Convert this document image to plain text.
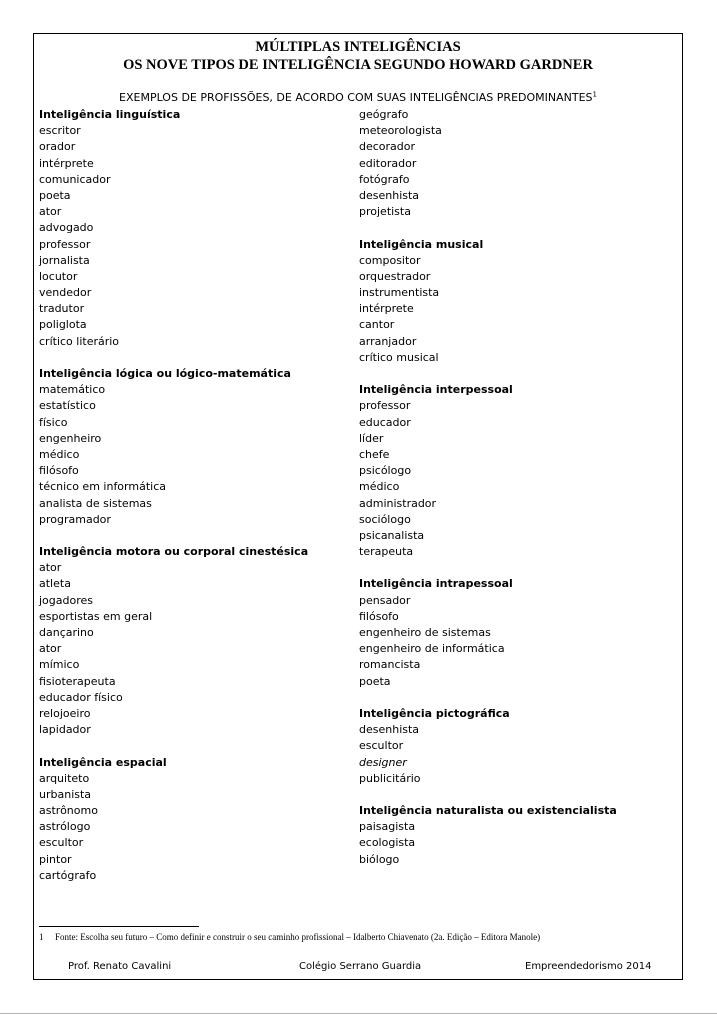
MÚLTIPLAS INTELIGÊNCIAS
OS NOVE TIPOS DE INTELIGÊNCIA SEGUNDO HOWARD GARDNER
EXEMPLOS DE PROFISSÕES, DE ACORDO COM SUAS INTELIGÊNCIAS PREDOMINANTES$^1$
Inteligência linguística
escritor
orador
intérprete
comunicador
poeta
ator
advogado
professor
jornalista
locutor
vendedor
tradutor
poliglota
crítico literário
Inteligência lógica ou lógico-matemática
matemático
estatístico
físico
engenheiro
médico
filósofo
técnico em informática
analista de sistemas
programador
Inteligência motora ou corporal cinestésica
ator
atleta
jogadores
esportistas em geral
dançarino
ator
mímico
fisioterapeuta
educador físico
relojoeiro
lapidador
Inteligência espacial
arquiteto
urbanista
astrônomo
astrólogo
escultor
pintor
cartógrafo
geógrafo
meteorologista
decorador
editorador
fotógrafo
desenhista
projetista
Inteligência musical
compositor
orquestrador
instrumentista
intérprete
cantor
arranjador
crítico musical
Inteligência interpessoal
professor
educador
líder
chefe
psicólogo
médico
administrador
sociólogo
psicanalista
terapeuta
Inteligência intrapessoal
pensador
filósofo
engenheiro de sistemas
engenheiro de informática
romancista
poeta
Inteligência pictográfica
desenhista
escultor
designer
publicitário
Inteligência naturalista ou existencialista
paisagista
ecologista
biólogo
1 Fonte: Escolha seu futuro – Como definir e construir o seu caminho profissional – Idalberto Chiavenato (2a. Edição – Editora Manole)
Prof. Renato Cavalini	Colégio Serrano Guardia	Empreendedorismo 2014
